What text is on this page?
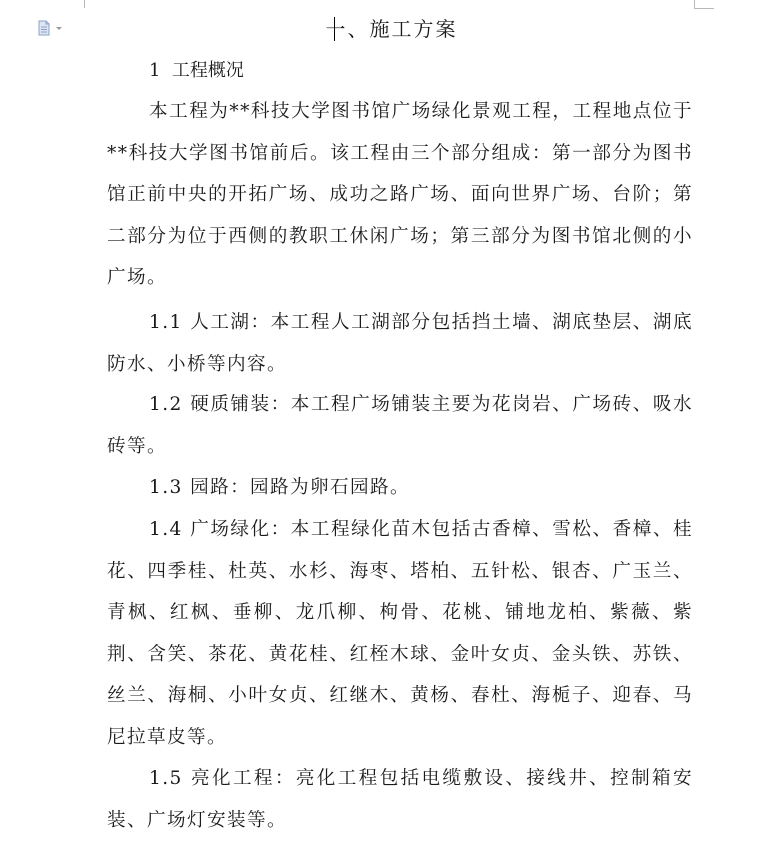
一、施工方案
1  工程概况

本工程为**科技大学图书馆广场绿化景观工程，工程地点位于**科技大学图书馆前后。该工程由三个部分组成：第一部分为图书馆正前中央的开拓广场、成功之路广场、面向世界广场、台阶；第二部分为位于西侧的教职工休闲广场；第三部分为图书馆北侧的小广场。

1.1 人工湖：本工程人工湖部分包括挡土墙、湖底垫层、湖底防水、小桥等内容。

1.2 硬质铺装：本工程广场铺装主要为花岗岩、广场砖、吸水砖等。

1.3 园路：园路为卵石园路。

1.4 广场绿化：本工程绿化苗木包括古香樟、雪松、香樟、桂花、四季桂、杜英、水杉、海枣、塔柏、五针松、银杏、广玉兰、青枫、红枫、垂柳、龙爪柳、枸骨、花桃、铺地龙柏、紫薇、紫荆、含笑、茶花、黄花桂、红桎木球、金叶女贞、金头铁、苏铁、丝兰、海桐、小叶女贞、红继木、黄杨、春杜、海栀子、迎春、马尼拉草皮等。

1.5 亮化工程：亮化工程包括电缆敷设、接线井、控制箱安装、广场灯安装等。
